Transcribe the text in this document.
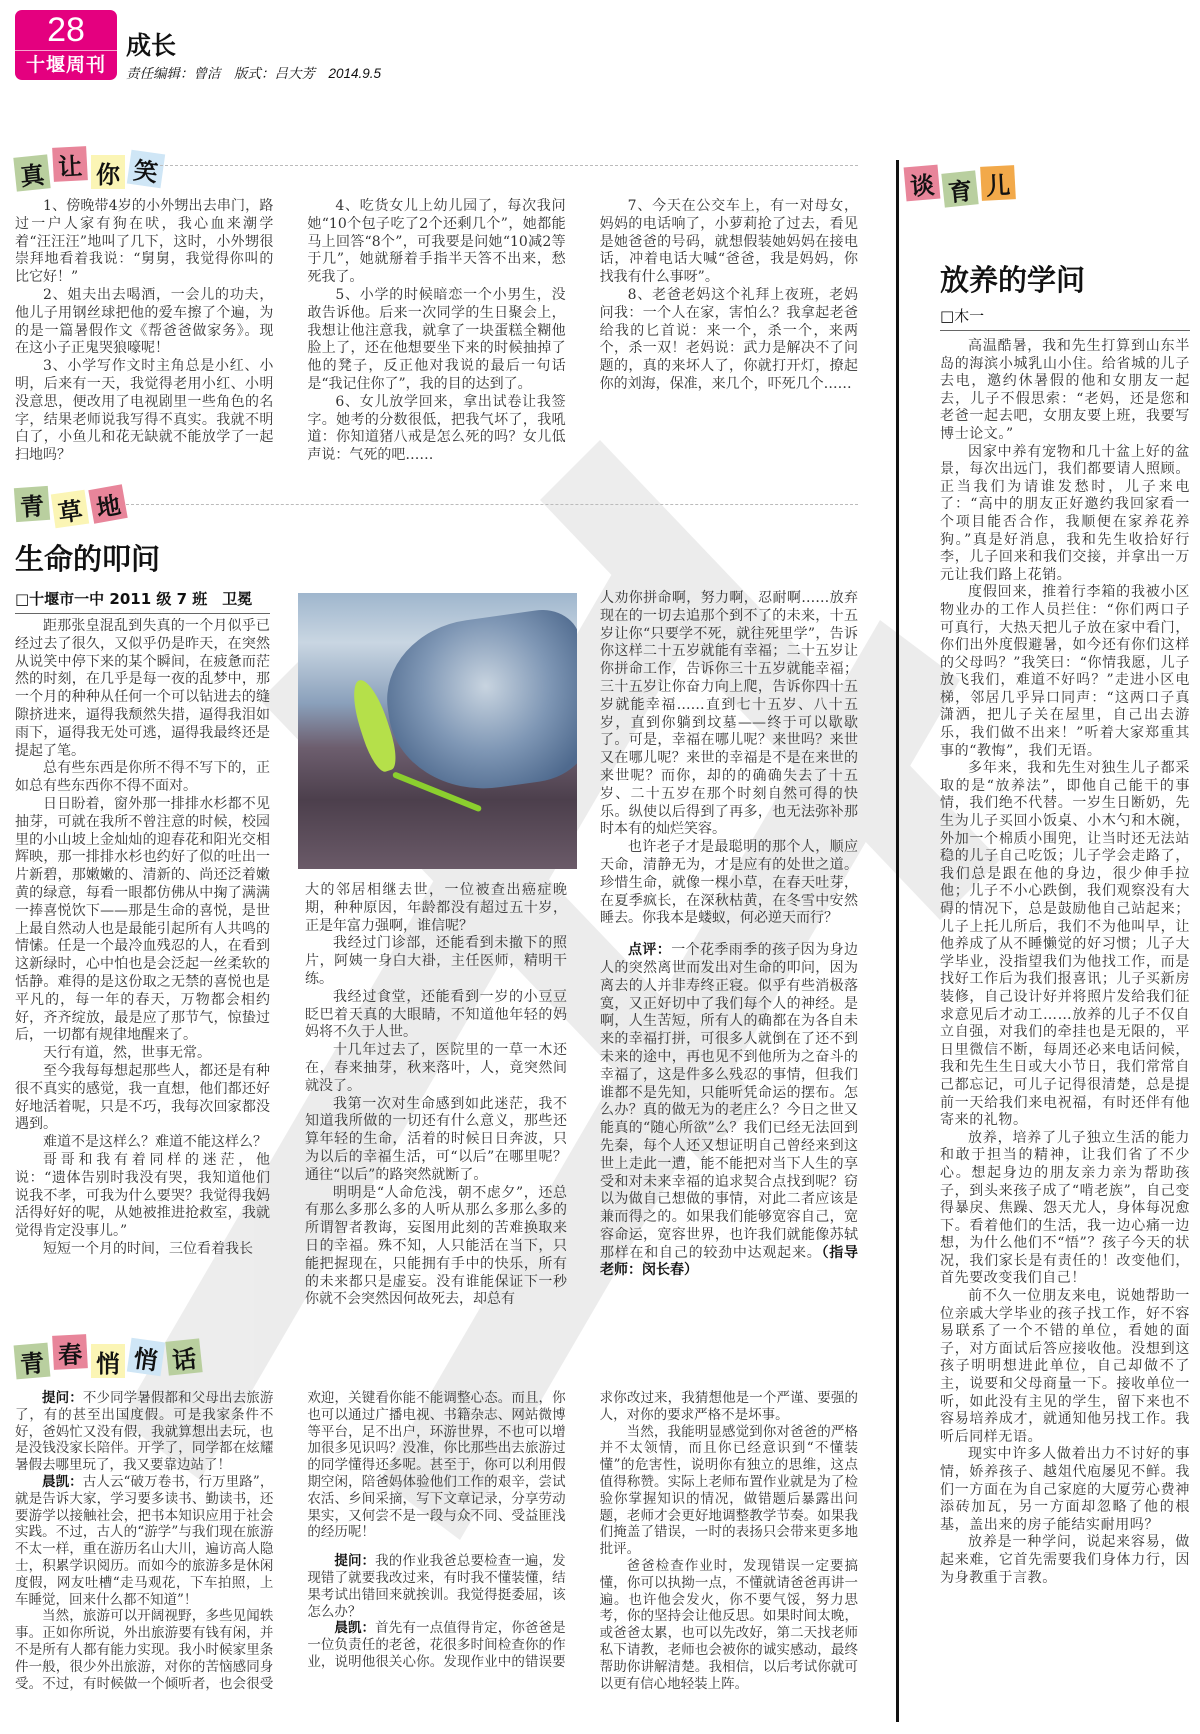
28
十堰周刊
成长
责任编辑：曾洁　版式：吕大芳　2014.9.5
真 让 你 笑

1、傍晚带4岁的小外甥出去串门，路过一户人家有狗在吠，我心血来潮学着“汪汪汪”地叫了几下，这时，小外甥很崇拜地看着我说：“舅舅，我觉得你叫的比它好！”

2、姐夫出去喝酒，一会儿的功夫，他儿子用钢丝球把他的爱车擦了个遍，为的是一篇暑假作文《帮爸爸做家务》。现在这小子正鬼哭狼嚎呢！

3、小学写作文时主角总是小红、小明，后来有一天，我觉得老用小红、小明没意思，便改用了电视剧里一些角色的名字，结果老师说我写得不真实。我就不明白了，小鱼儿和花无缺就不能放学了一起扫地吗？

4、吃货女儿上幼儿园了，每次我问她“10个包子吃了2个还剩几个”，她都能马上回答“8个”，可我要是问她“10减2等于几”，她就掰着手指半天答不出来，愁死我了。

5、小学的时候暗恋一个小男生，没敢告诉他。后来一次同学的生日聚会上，我想让他注意我，就拿了一块蛋糕全糊他脸上了，还在他想要坐下来的时候抽掉了他的凳子，反正他对我说的最后一句话是“我记住你了”，我的目的达到了。

6、女儿放学回来，拿出试卷让我签字。她考的分数很低，把我气坏了，我吼道：你知道猪八戒是怎么死的吗？女儿低声说：气死的吧……

7、今天在公交车上，有一对母女，妈妈的电话响了，小萝莉抢了过去，看见是她爸爸的号码，就想假装她妈妈在接电话，冲着电话大喊“爸爸，我是妈妈，你找我有什么事呀”。

8、老爸老妈这个礼拜上夜班，老妈问我：一个人在家，害怕么？我拿起老爸给我的匕首说：来一个，杀一个，来两个，杀一双！老妈说：武力是解决不了问题的，真的来坏人了，你就打开灯，撩起你的刘海，保准，来几个，吓死几个……

青 草 地
生命的叩问
□十堰市一中 2011 级 7 班　卫冕

距那张皇混乱到失真的一个月似乎已经过去了很久，又似乎仍是昨天，在突然从说笑中停下来的某个瞬间，在疲惫而茫然的时刻，在几乎是每一夜的乱梦中，那一个月的种种从任何一个可以钻进去的缝隙挤进来，逼得我颓然失措，逼得我泪如雨下，逼得我无处可逃，逼得我最终还是提起了笔。

总有些东西是你所不得不写下的，正如总有些东西你不得不面对。

日日盼着，窗外那一排排水杉都不见抽芽，可就在我所不曾注意的时候，校园里的小山坡上金灿灿的迎春花和阳光交相辉映，那一排排水杉也约好了似的吐出一片新碧，那嫩嫩的、清新的、尚还泛着嫩黄的绿意，每看一眼都仿佛从中掬了满满一捧喜悦饮下——那是生命的喜悦，是世上最自然动人也是最能引起所有人共鸣的情愫。任是一个最冷血残忍的人，在看到这新绿时，心中怕也是会泛起一丝柔软的恬静。难得的是这份取之无禁的喜悦也是平凡的，每一年的春天，万物都会相约好，齐齐绽放，最是应了那节气，惊蛰过后，一切都有规律地醒来了。

天行有道，然，世事无常。

至今我每每想起那些人，都还是有种很不真实的感觉，我一直想，他们都还好好地活着呢，只是不巧，我每次回家都没遇到。

难道不是这样么？难道不能这样么？

哥哥和我有着同样的迷茫，他说：“遗体告别时我没有哭，我知道他们说我不孝，可我为什么要哭？我觉得我妈活得好好的呢，从她被推进抢救室，我就觉得肯定没事儿。”

短短一个月的时间，三位看着我长

大的邻居相继去世，一位被查出癌症晚期，种种原因，年龄都没有超过五十岁，正是年富力强啊，谁信呢？

我经过门诊部，还能看到未撤下的照片，阿姨一身白大褂，主任医师，精明干练。

我经过食堂，还能看到一岁的小豆豆眨巴着天真的大眼睛，不知道他年轻的妈妈将不久于人世。

十几年过去了，医院里的一草一木还在，春来抽芽，秋来落叶，人，竟突然间就没了。

我第一次对生命感到如此迷茫，我不知道我所做的一切还有什么意义，那些还算年轻的生命，活着的时候日日奔波，只为以后的幸福生活，可“以后”在哪里呢？通往“以后”的路突然就断了。

明明是“人命危浅，朝不虑夕”，还总有那么多那么多的人听从那么多那么多的所谓智者教诲，妄图用此刻的苦难换取来日的幸福。殊不知，人只能活在当下，只能把握现在，只能拥有手中的快乐，所有的未来都只是虚妄。没有谁能保证下一秒你就不会突然因何故死去，却总有

人劝你拼命啊，努力啊，忍耐啊……放弃现在的一切去追那个到不了的未来，十五岁让你“只要学不死，就往死里学”，告诉你这样二十五岁就能有幸福；二十五岁让你拼命工作，告诉你三十五岁就能幸福；三十五岁让你奋力向上爬，告诉你四十五岁就能幸福……直到七十五岁、八十五岁，直到你躺到坟墓——终于可以歇歇了。可是，幸福在哪儿呢？来世吗？来世又在哪儿呢？来世的幸福是不是在来世的来世呢？而你，却的的确确失去了十五岁、二十五岁在那个时刻自然可得的快乐。纵使以后得到了再多，也无法弥补那时本有的灿烂笑容。

也许老子才是最聪明的那个人，顺应天命，清静无为，才是应有的处世之道。珍惜生命，就像一棵小草，在春天吐芽，在夏季疯长，在深秋枯黄，在冬雪中安然睡去。你我本是蝼蚁，何必逆天而行？

点评：一个花季雨季的孩子因为身边人的突然离世而发出对生命的叩问，因为离去的人并非寿终正寝。似乎有些消极落寞，又正好切中了我们每个人的神经。是啊，人生苦短，所有人的确都在为各自未来的幸福打拼，可很多人就倒在了还不到未来的途中，再也见不到他所为之奋斗的幸福了，这是件多么残忍的事情，但我们谁都不是先知，只能听凭命运的摆布。怎么办？真的做无为的老庄么？今日之世又能真的“随心所欲”么？我们已经无法回到先秦，每个人还又想证明自己曾经来到这世上走此一遭，能不能把对当下人生的享受和对未来幸福的追求契合点找到呢？窃以为做自己想做的事情，对此二者应该是兼而得之的。如果我们能够宽容自己，宽容命运，宽容世界，也许我们就能像苏轼那样在和自己的较劲中达观起来。（指导老师：闵长春）

青 春 悄 悄 话

提问：不少同学暑假都和父母出去旅游了，有的甚至出国度假。可是我家条件不好，爸妈忙又没有假，我就算想出去玩，也是没钱没家长陪伴。开学了，同学都在炫耀暑假去哪里玩了，我又要靠边站了！

晨凯：古人云“破万卷书，行万里路”，就是告诉大家，学习要多读书、勤读书，还要游学以接触社会，把书本知识应用于社会实践。不过，古人的“游学”与我们现在旅游不太一样，重在游历名山大川，遍访高人隐士，积累学识阅历。而如今的旅游多是休闲度假，网友吐槽“走马观花，下车拍照，上车睡觉，回来什么都不知道”！

当然，旅游可以开阔视野，多些见闻轶事。正如你所说，外出旅游要有钱有闲，并不是所有人都有能力实现。我小时候家里条件一般，很少外出旅游，对你的苦恼感同身受。不过，有时候做一个倾听者，也会很受欢迎，关键看你能不能调整心态。而且，你也可以通过广播电视、书籍杂志、网站微博等平台，足不出户，环游世界，不也可以增加很多见识吗？没准，你比那些出去旅游过的同学懂得还多呢。甚至于，你可以利用假期空闲，陪爸妈体验他们工作的艰辛，尝试农活、乡间采摘，写下文章记录，分享劳动果实，又何尝不是一段与众不同、受益匪浅的经历呢！

提问：我的作业我爸总要检查一遍，发现错了就要我改过来，有时我不懂装懂，结果考试出错回来就挨训。我觉得挺委屈，该怎么办？

晨凯：首先有一点值得肯定，你爸爸是一位负责任的老爸，花很多时间检查你的作业，说明他很关心你。发现作业中的错误要求你改过来，我猜想他是一个严谨、要强的人，对你的要求严格不是坏事。

当然，我能明显感觉到你对爸爸的严格并不太领情，而且你已经意识到“不懂装懂”的危害性，说明你有独立的思维，这点值得称赞。实际上老师布置作业就是为了检验你掌握知识的情况，做错题后暴露出问题，老师才会更好地调整教学节奏。如果我们掩盖了错误，一时的表扬只会带来更多地批评。

爸爸检查作业时，发现错误一定要搞懂，你可以执拗一点，不懂就请爸爸再讲一遍。也许他会发火，你不要气馁，努力思考，你的坚持会让他反思。如果时间太晚，或爸爸太累，也可以先改好，第二天找老师私下请教，老师也会被你的诚实感动，最终帮助你讲解清楚。我相信，以后考试你就可以更有信心地轻装上阵。

谈 育 儿
放养的学问
□木一

高温酷暑，我和先生打算到山东半岛的海滨小城乳山小住。给省城的儿子去电，邀约休暑假的他和女朋友一起去，儿子不假思索：“老妈，还是您和老爸一起去吧，女朋友要上班，我要写博士论文。”

因家中养有宠物和几十盆上好的盆景，每次出远门，我们都要请人照顾。正当我们为请谁发愁时，儿子来电了：“高中的朋友正好邀约我回家看一个项目能否合作，我顺便在家养花养狗。”真是好消息，我和先生收拾好行李，儿子回来和我们交接，并拿出一万元让我们路上花销。

度假回来，推着行李箱的我被小区物业办的工作人员拦住：“你们两口子可真行，大热天把儿子放在家中看门，你们出外度假避暑，如今还有你们这样的父母吗？”我笑曰：“你情我愿，儿子放飞我们，难道不好吗？”走进小区电梯，邻居几乎异口同声：“这两口子真潇洒，把儿子关在屋里，自己出去游乐，我们做不出来！”听着大家郑重其事的“教悔”，我们无语。

多年来，我和先生对独生儿子都采取的是“放养法”，即他自己能干的事情，我们绝不代替。一岁生日断奶，先生为儿子买回小饭桌、小木勺和木碗，外加一个棉质小围兜，让当时还无法站稳的儿子自己吃饭；儿子学会走路了，我们总是跟在他的身边，很少伸手拉他；儿子不小心跌倒，我们观察没有大碍的情况下，总是鼓励他自己站起来；儿子上托儿所后，我们不为他叫早，让他养成了从不睡懒觉的好习惯；儿子大学毕业，没指望我们为他找工作，而是找好工作后为我们报喜讯；儿子买新房装修，自己设计好并将照片发给我们征求意见后才动工……放养的儿子不仅自立自强，对我们的牵挂也是无限的，平日里微信不断，每周还必来电话问候，我和先生生日或大小节日，我们常常自己都忘记，可儿子记得很清楚，总是提前一天给我们来电祝福，有时还伴有他寄来的礼物。

放养，培养了儿子独立生活的能力和敢于担当的精神，让我们省了不少心。想起身边的朋友亲力亲为帮助孩子，到头来孩子成了“啃老族”，自己变得暴戾、焦躁、怨天尤人，身体每况愈下。看着他们的生活，我一边心痛一边想，为什么他们不“悟”？孩子今天的状况，我们家长是有责任的！改变他们，首先要改变我们自己！

前不久一位朋友来电，说她帮助一位亲戚大学毕业的孩子找工作，好不容易联系了一个不错的单位，看她的面子，对方面试后答应接收他。没想到这孩子明明想进此单位，自己却做不了主，说要和父母商量一下。接收单位一听，如此没有主见的学生，留下来也不容易培养成才，就通知他另找工作。我听后同样无语。

现实中许多人做着出力不讨好的事情，娇养孩子、越俎代庖屡见不鲜。我们一方面在为自己家庭的大厦劳心费神添砖加瓦，另一方面却忽略了他的根基，盖出来的房子能结实耐用吗？

放养是一种学问，说起来容易，做起来难，它首先需要我们身体力行，因为身教重于言教。
